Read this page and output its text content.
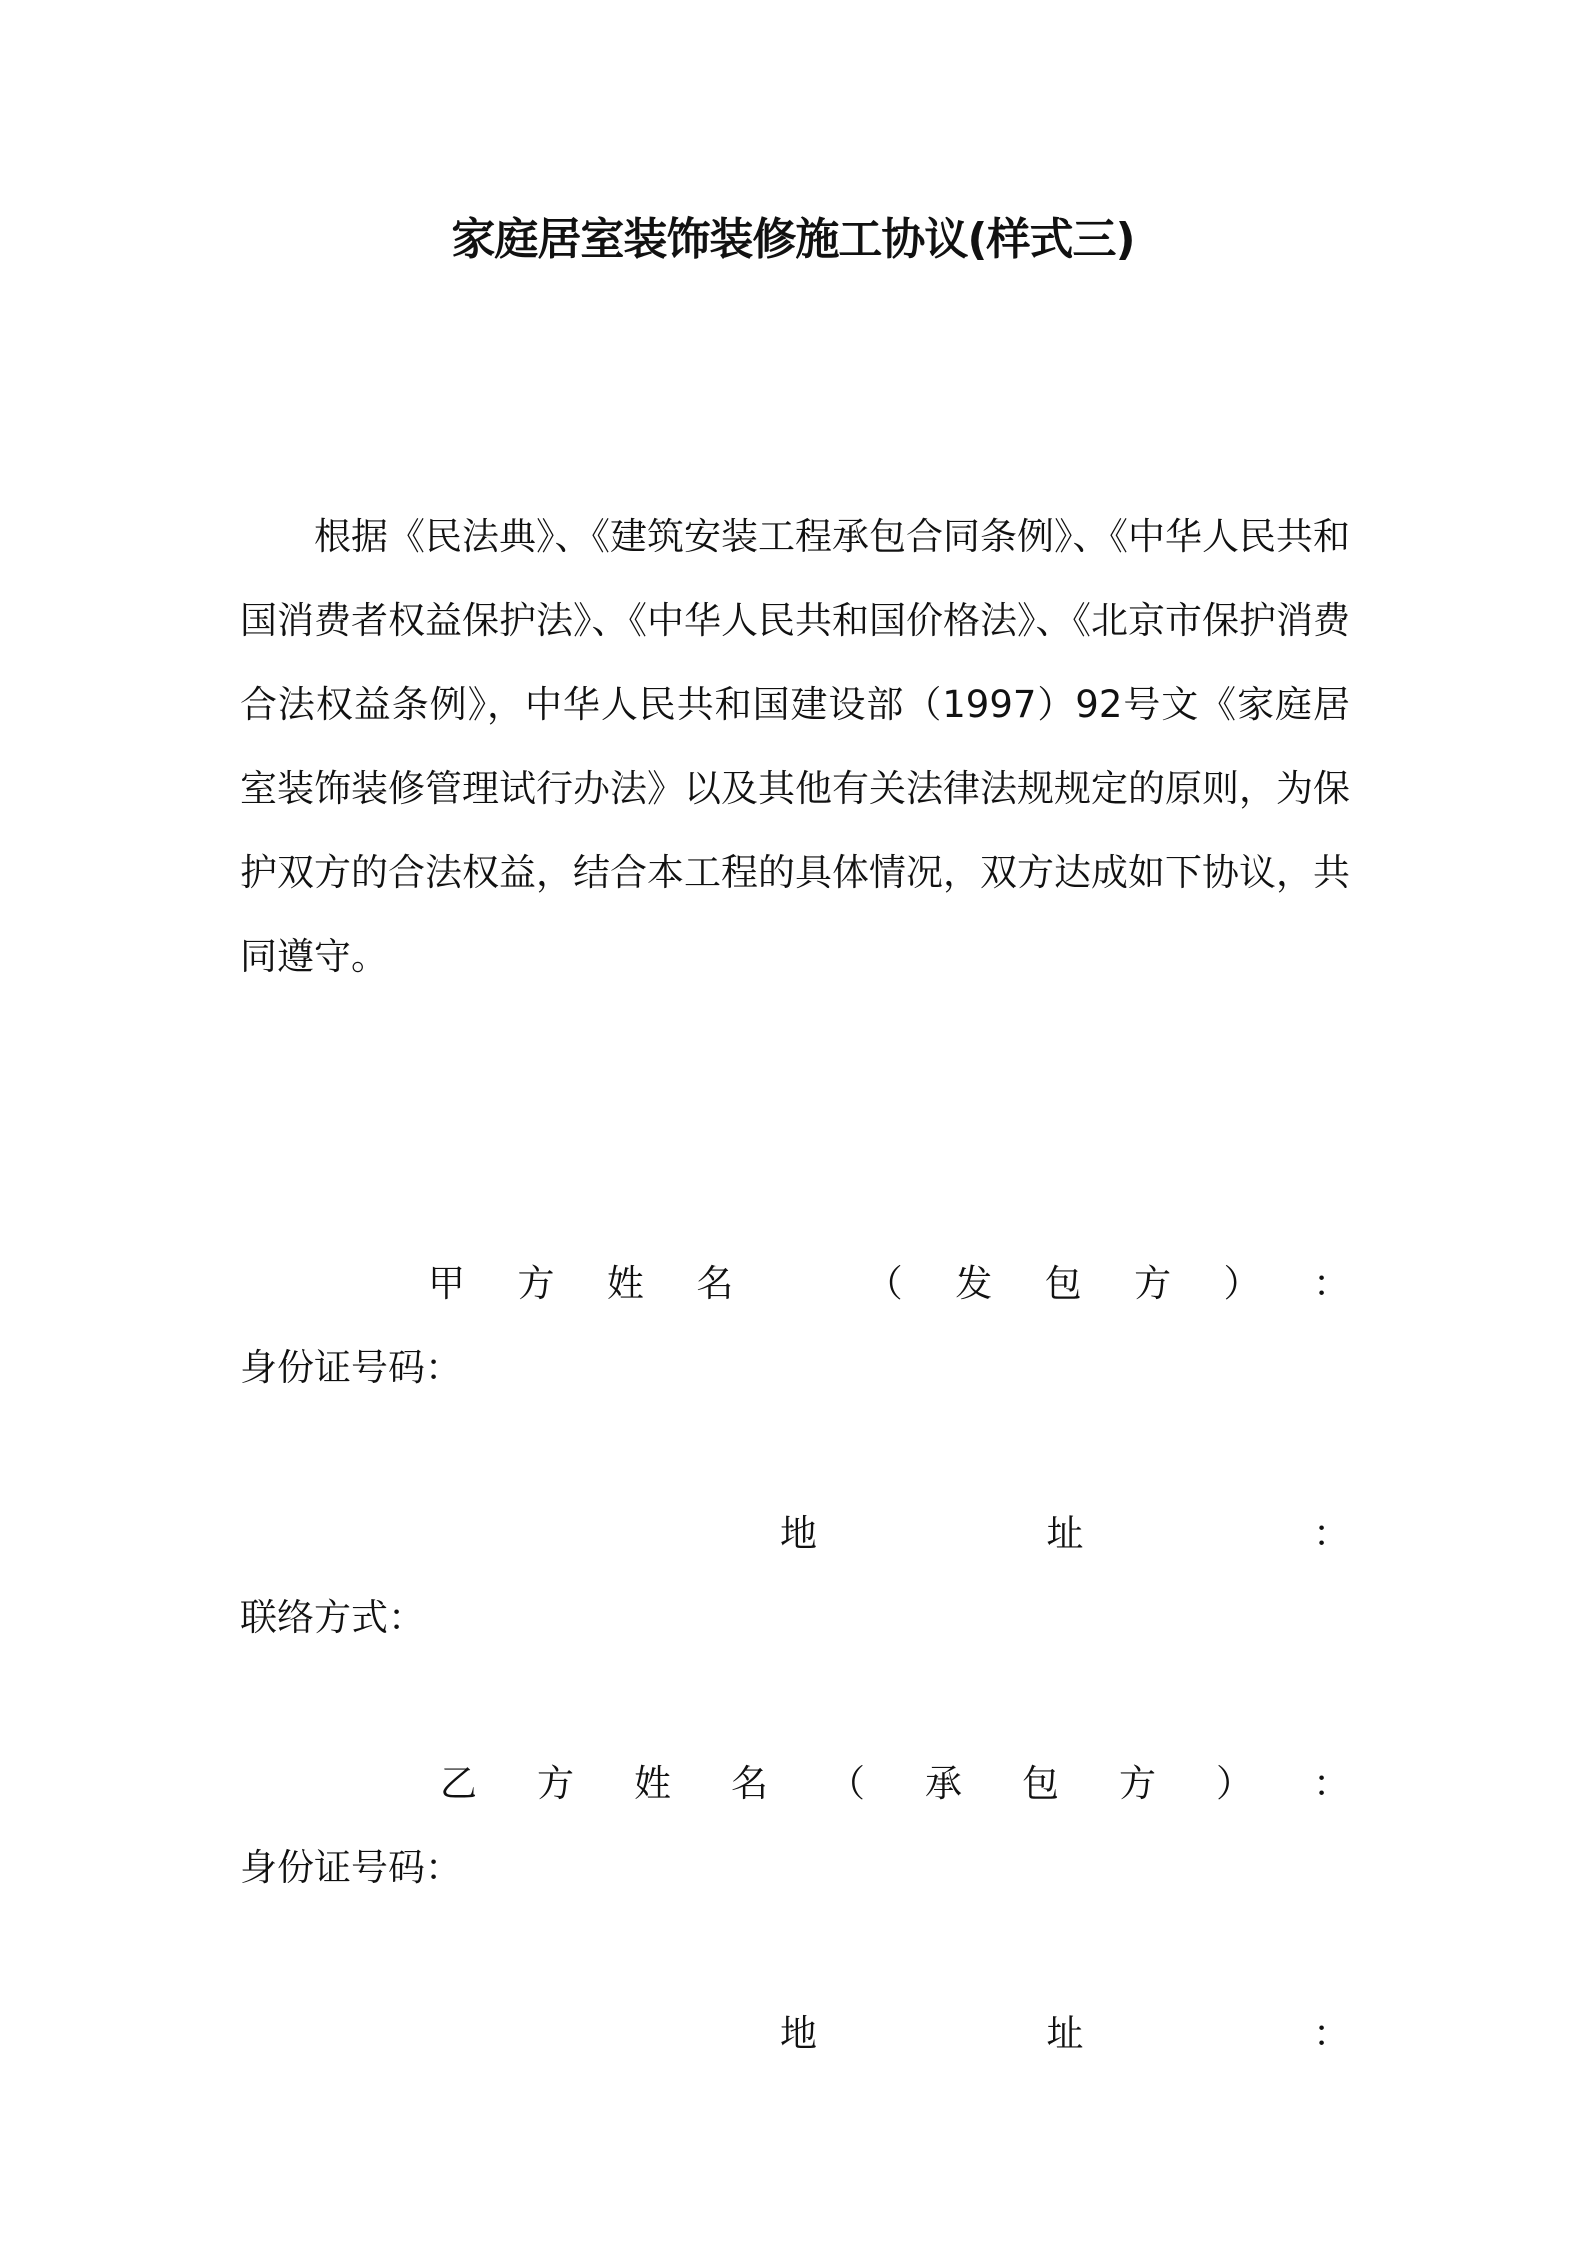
家庭居室装饰装修施工协议(样式三)

根据《民法典》、《建筑安装工程承包合同条例》、《中华人民共和国消费者权益保护法》、《中华人民共和国价格法》、《北京市保护消费合法权益条例》，中华人民共和国建设部（1997）92号文《家庭居室装饰装修管理试行办法》以及其他有关法律法规规定的原则，为保护双方的合法权益，结合本工程的具体情况，双方达成如下协议，共同遵守。

甲 方 姓 名	（ 发 包 方 ） ：
身份证号码：
地	址	：
联络方式：
乙 方 姓 名 （ 承 包 方 ） ：
身份证号码：
地	址	：
